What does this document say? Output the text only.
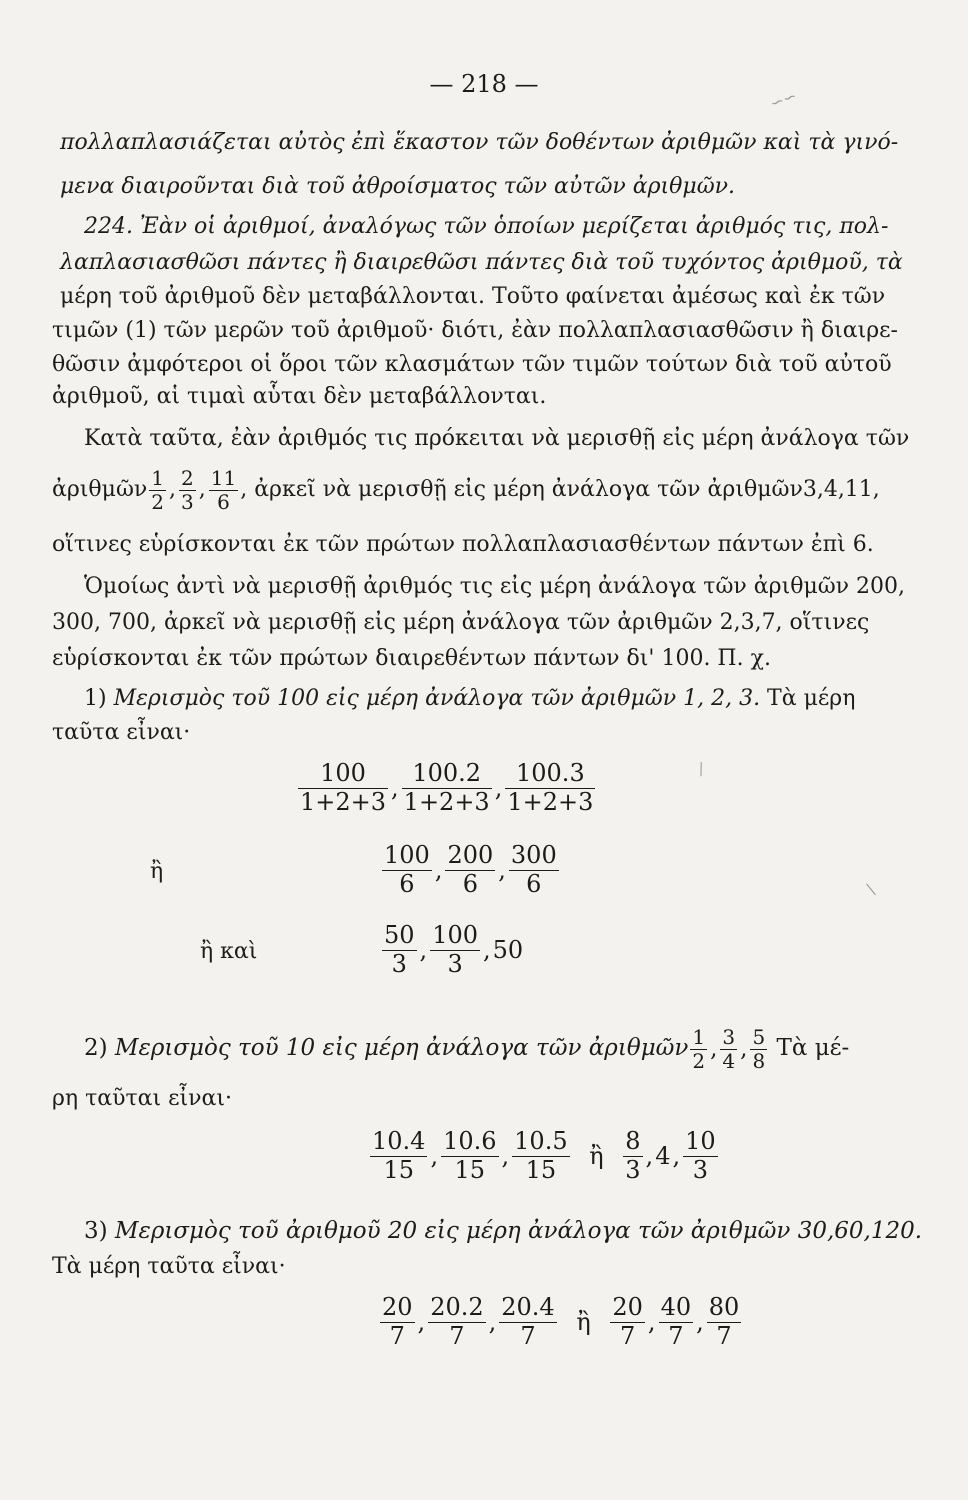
— 218 —
πολλαπλασιάζεται αὐτὸς ἐπὶ ἕκαστον τῶν δοθέντων ἀριθμῶν καὶ τὰ γινό-
μενα διαιροῦνται διὰ τοῦ ἀθροίσματος τῶν αὐτῶν ἀριθμῶν.
224. Ἐὰν οἱ ἀριθμοί, ἀναλόγως τῶν ὁποίων μερίζεται ἀριθμός τις, πολ-
λαπλασιασθῶσι πάντες ἢ διαιρεθῶσι πάντες διὰ τοῦ τυχόντος ἀριθμοῦ, τὰ
μέρη τοῦ ἀριθμοῦ δὲν μεταβάλλονται. Τοῦτο φαίνεται ἀμέσως καὶ ἐκ τῶν
τιμῶν (1) τῶν μερῶν τοῦ ἀριθμοῦ· διότι, ἐὰν πολλαπλασιασθῶσιν ἢ διαιρε-
θῶσιν ἀμφότεροι οἱ ὅροι τῶν κλασμάτων τῶν τιμῶν τούτων διὰ τοῦ αὐτοῦ
ἀριθμοῦ, αἱ τιμαὶ αὗται δὲν μεταβάλλονται.
Κατὰ ταῦτα, ἐὰν ἀριθμός τις πρόκειται νὰ μερισθῇ εἰς μέρη ἀνάλογα τῶν
ἀριθμῶν $\frac{1}{2}$ , $\frac{2}{3}$ , $\frac{11}{6}$ , ἀρκεῖ νὰ μερισθῇ εἰς μέρη ἀνάλογα τῶν ἀριθμῶν3,4,11,
οἵτινες εὑρίσκονται ἐκ τῶν πρώτων πολλαπλασιασθέντων πάντων ἐπὶ 6.
Ὁμοίως ἀντὶ νὰ μερισθῇ ἀριθμός τις εἰς μέρη ἀνάλογα τῶν ἀριθμῶν 200,
300, 700, ἀρκεῖ νὰ μερισθῇ εἰς μέρη ἀνάλογα τῶν ἀριθμῶν 2,3,7, οἵτινες
εὑρίσκονται ἐκ τῶν πρώτων διαιρεθέντων πάντων δι' 100. Π. χ.
1) Μερισμὸς τοῦ 100 εἰς μέρη ἀνάλογα τῶν ἀριθμῶν 1, 2, 3. Τὰ μέρη
ταῦτα εἶναι·
$\frac{100}{1+2+3}$ , $\frac{100.2}{1+2+3}$ , $\frac{100.3}{1+2+3}$
ἢ	$\frac{100}{6}$ , $\frac{200}{6}$ , $\frac{300}{6}$
ἢ καὶ	$\frac{50}{3}$ , $\frac{100}{3} ,50$
2) Μερισμὸς τοῦ 10 εἰς μέρη ἀνάλογα τῶν ἀριθμῶν $\frac{1}{2}$ , $\frac{3}{4}$ , $\frac{5}{8}$ Τὰ μέ-
ρη ταῦται εἶναι·
$\frac{10.4}{15}$ , $\frac{10.6}{15}$ , $\frac{10.5}{15}$ ἢ $\frac{8}{3} ,4$, $\frac{10}{3}$
3) Μερισμὸς τοῦ ἀριθμοῦ 20 εἰς μέρη ἀνάλογα τῶν ἀριθμῶν 30,60,120.
Τὰ μέρη ταῦτα εἶναι·
$\frac{20}{7}$ , $\frac{20.2}{7}$ , $\frac{20.4}{7}$ ἢ $\frac{20}{7}$ , $\frac{40}{7}$ , $\frac{80}{7}$
∽∽
⁄
⁄
